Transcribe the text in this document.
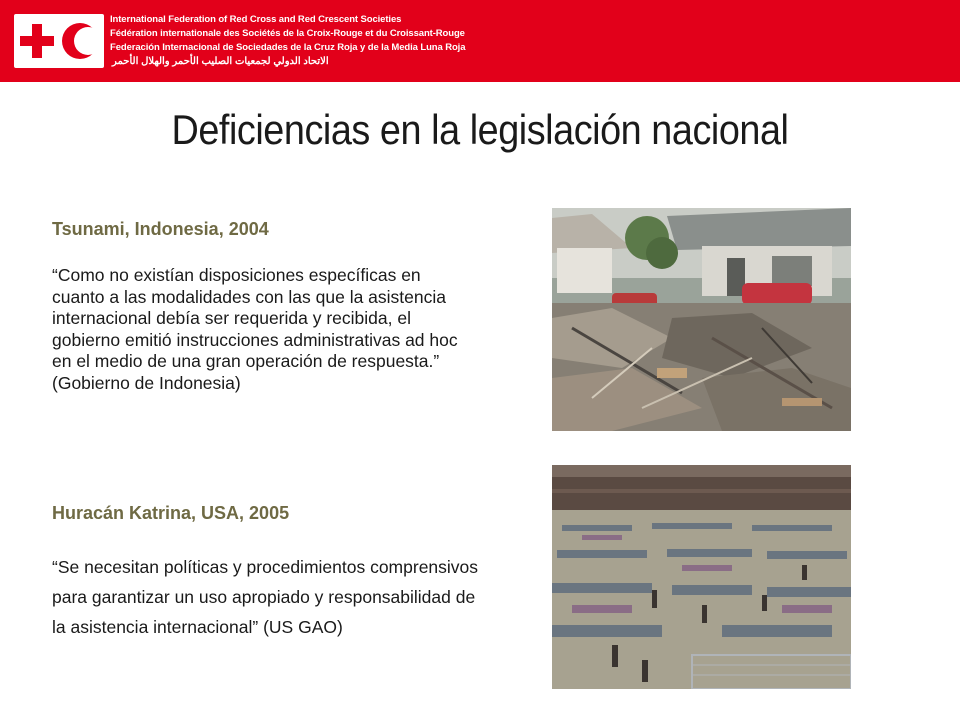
International Federation of Red Cross and Red Crescent Societies
Fédération internationale des Sociétés de la Croix-Rouge et du Croissant-Rouge
Federación Internacional de Sociedades de la Cruz Roja y de la Media Luna Roja
الاتحاد الدولي لجمعيات الصليب الأحمر والهلال الأحمر
Deficiencias en la legislación nacional
Tsunami, Indonesia, 2004
“Como no existían disposiciones específicas en cuanto a las modalidades con las que la asistencia internacional debía ser requerida y recibida, el gobierno emitió instrucciones administrativas ad hoc en el medio de una gran operación de respuesta.” (Gobierno de Indonesia)
Huracán Katrina, USA, 2005
“Se necesitan políticas y procedimientos comprensivos para garantizar un uso apropiado y responsabilidad de la asistencia internacional” (US GAO)
